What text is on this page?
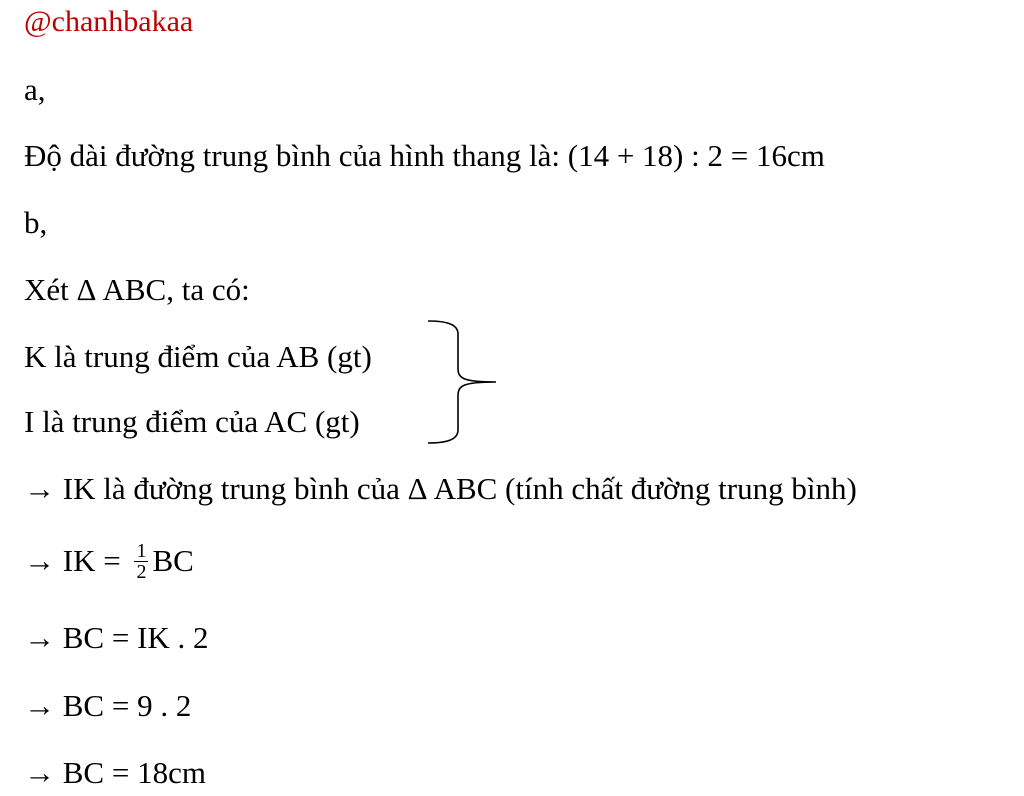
@chanhbakaa
a,
Độ dài đường trung bình của hình thang là: (14 + 18) : 2 = 16cm
b,
Xét Δ ABC, ta có:
K là trung điểm của AB (gt)
I là trung điểm của AC (gt)
→ IK là đường trung bình của Δ ABC (tính chất đường trung bình)
→ IK = $\frac{1}{2}$ BC
→ BC = IK . 2
→ BC = 9 . 2
→ BC = 18cm
